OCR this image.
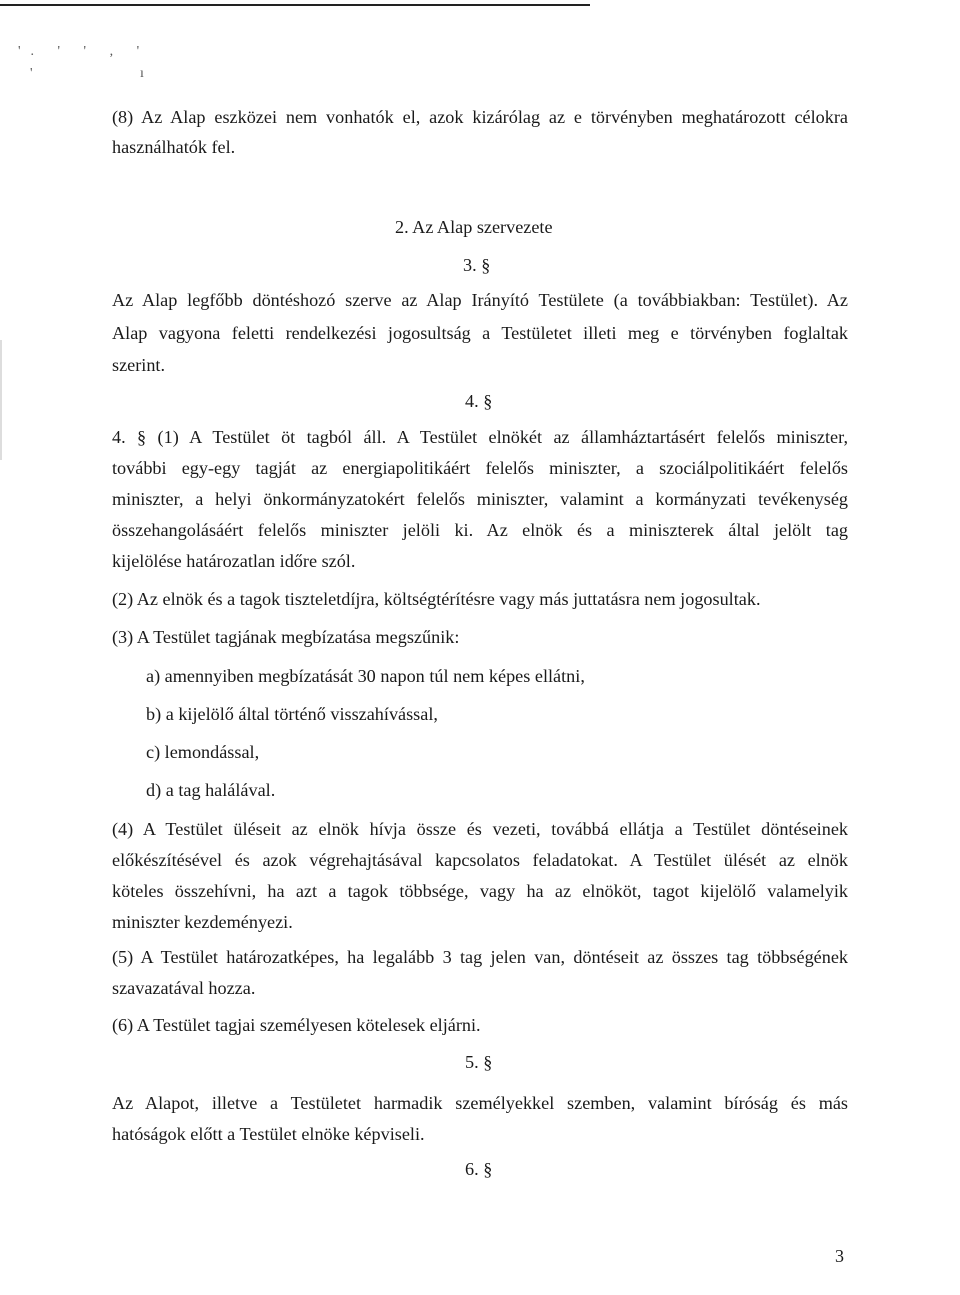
'. ' ' , '
' ı
(8) Az Alap eszközei nem vonhatók el, azok kizárólag az e törvényben meghatározott célokra
használhatók fel.
2. Az Alap szervezete
3. §
Az Alap legfőbb döntéshozó szerve az Alap Irányító Testülete (a továbbiakban: Testület). Az
Alap vagyona feletti rendelkezési jogosultság a Testületet illeti meg e törvényben foglaltak
szerint.
4. §
4. § (1) A Testület öt tagból áll. A Testület elnökét az államháztartásért felelős miniszter,
további egy-egy tagját az energiapolitikáért felelős miniszter, a szociálpolitikáért felelős
miniszter, a helyi önkormányzatokért felelős miniszter, valamint a kormányzati tevékenység
összehangolásáért felelős miniszter jelöli ki. Az elnök és a miniszterek által jelölt tag
kijelölése határozatlan időre szól.
(2) Az elnök és a tagok tiszteletdíjra, költségtérítésre vagy más juttatásra nem jogosultak.
(3) A Testület tagjának megbízatása megszűnik:
a) amennyiben megbízatását 30 napon túl nem képes ellátni,
b) a kijelölő által történő visszahívással,
c) lemondással,
d) a tag halálával.
(4) A Testület üléseit az elnök hívja össze és vezeti, továbbá ellátja a Testület döntéseinek
előkészítésével és azok végrehajtásával kapcsolatos feladatokat. A Testület ülését az elnök
köteles összehívni, ha azt a tagok többsége, vagy ha az elnököt, tagot kijelölő valamelyik
miniszter kezdeményezi.
(5) A Testület határozatképes, ha legalább 3 tag jelen van, döntéseit az összes tag többségének
szavazatával hozza.
(6) A Testület tagjai személyesen kötelesek eljárni.
5. §
Az Alapot, illetve a Testületet harmadik személyekkel szemben, valamint bíróság és más
hatóságok előtt a Testület elnöke képviseli.
6. §
3
